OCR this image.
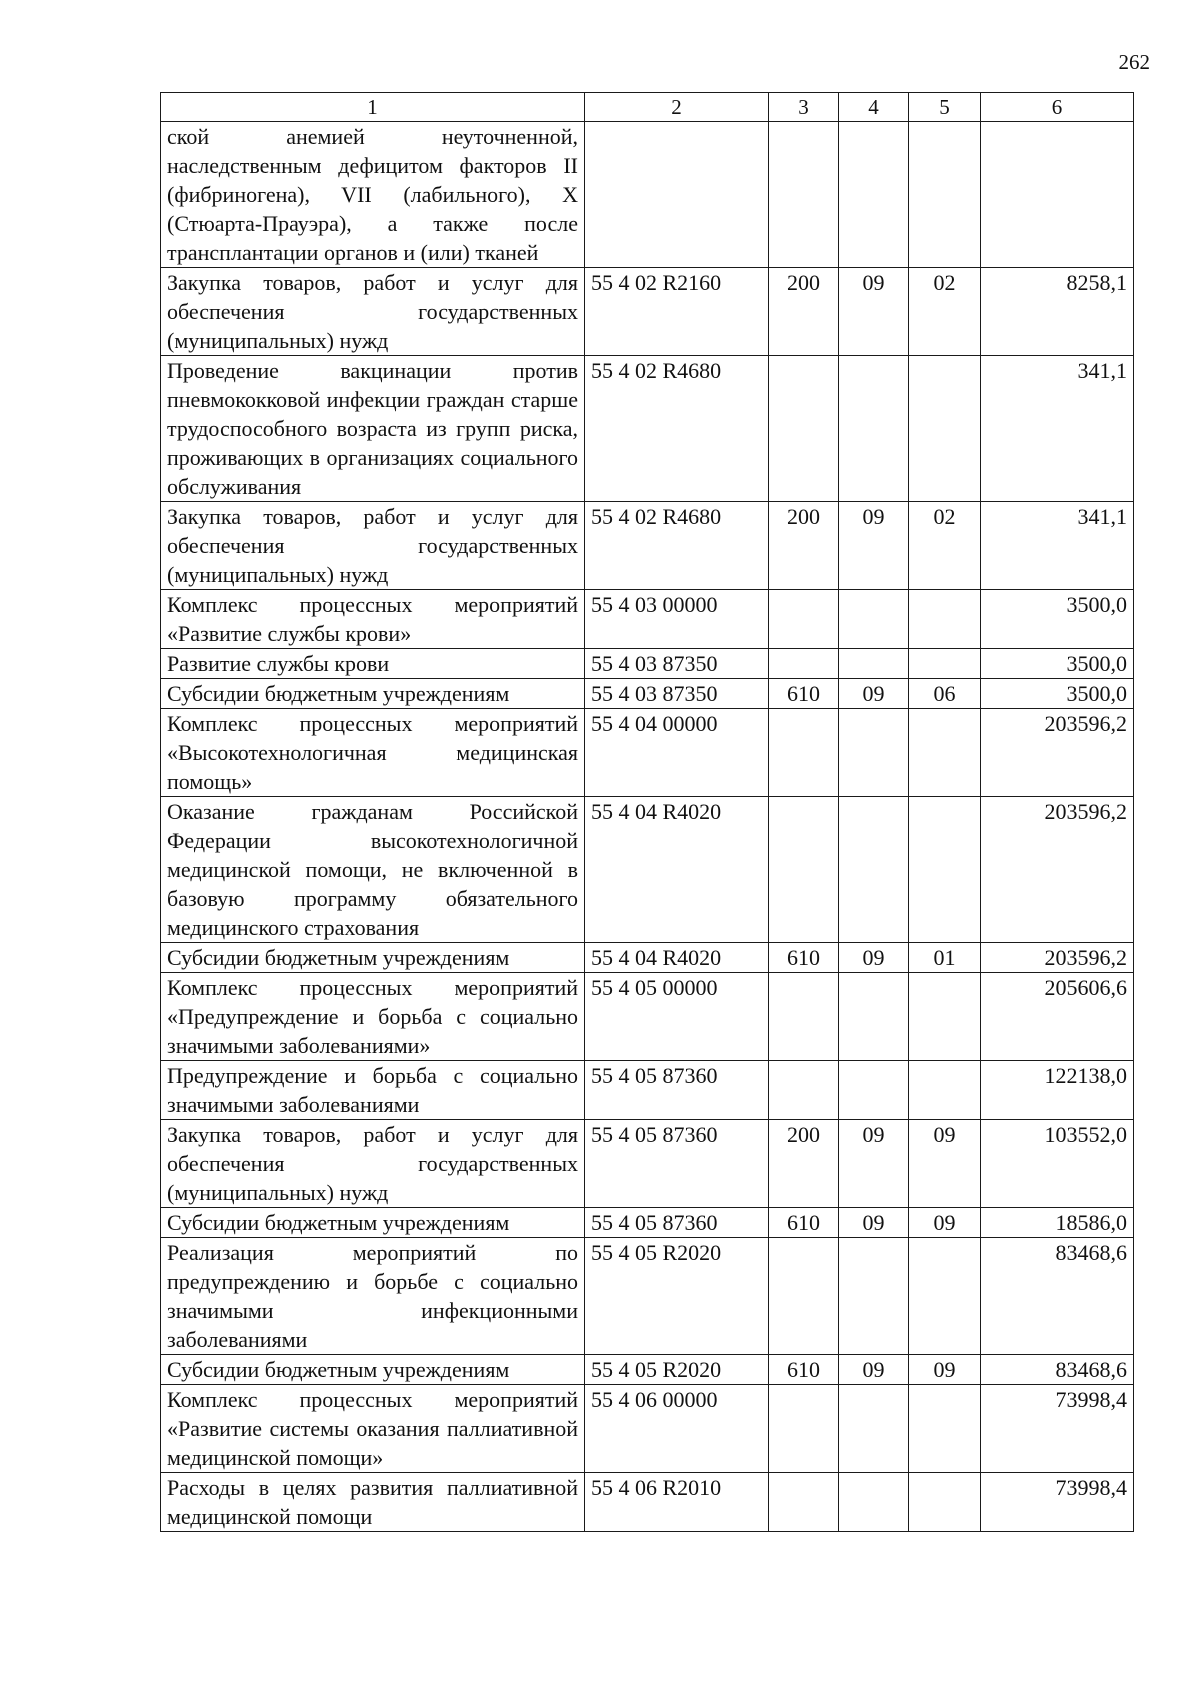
262
1	2	3	4	5	6
ской анемией неуточненной, наследственным дефицитом факторов II (фибриногена), VII (лабильного), X (Стюарта-Прауэра), а также после трансплантации органов и (или) тканей					
Закупка товаров, работ и услуг для обеспечения государственных (муниципальных) нужд	55 4 02 R2160	200	09	02	8258,1
Проведение вакцинации против пневмококковой инфекции граждан старше трудоспособного возраста из групп риска, проживающих в организациях социального обслуживания	55 4 02 R4680				341,1
Закупка товаров, работ и услуг для обеспечения государственных (муниципальных) нужд	55 4 02 R4680	200	09	02	341,1
Комплекс процессных мероприятий «Развитие службы крови»	55 4 03 00000				3500,0
Развитие службы крови	55 4 03 87350				3500,0
Субсидии бюджетным учреждениям	55 4 03 87350	610	09	06	3500,0
Комплекс процессных мероприятий «Высокотехнологичная медицинская помощь»	55 4 04 00000				203596,2
Оказание гражданам Российской Федерации высокотехнологичной медицинской помощи, не включенной в базовую программу обязательного медицинского страхования	55 4 04 R4020				203596,2
Субсидии бюджетным учреждениям	55 4 04 R4020	610	09	01	203596,2
Комплекс процессных мероприятий «Предупреждение и борьба с социально значимыми заболеваниями»	55 4 05 00000				205606,6
Предупреждение и борьба с социально значимыми заболеваниями	55 4 05 87360				122138,0
Закупка товаров, работ и услуг для обеспечения государственных (муниципальных) нужд	55 4 05 87360	200	09	09	103552,0
Субсидии бюджетным учреждениям	55 4 05 87360	610	09	09	18586,0
Реализация мероприятий по предупреждению и борьбе с социально значимыми инфекционными заболеваниями	55 4 05 R2020				83468,6
Субсидии бюджетным учреждениям	55 4 05 R2020	610	09	09	83468,6
Комплекс процессных мероприятий «Развитие системы оказания паллиативной медицинской помощи»	55 4 06 00000				73998,4
Расходы в целях развития паллиативной медицинской помощи	55 4 06 R2010				73998,4
